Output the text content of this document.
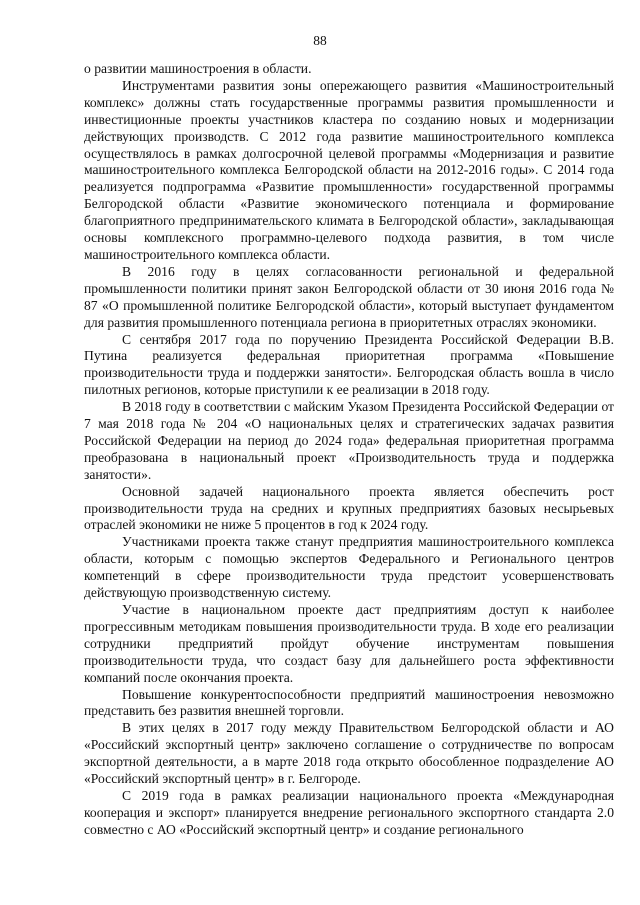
88

о развитии машиностроения в области.

Инструментами развития зоны опережающего развития «Машиностроительный комплекс» должны стать государственные программы развития промышленности и инвестиционные проекты участников кластера по созданию новых и модернизации действующих производств. С 2012 года развитие машиностроительного комплекса осуществлялось в рамках долгосрочной целевой программы «Модернизация и развитие машиностроительного комплекса Белгородской области на 2012-2016 годы». С 2014 года реализуется подпрограмма «Развитие промышленности» государственной программы Белгородской области «Развитие экономического потенциала и формирование благоприятного предпринимательского климата в Белгородской области», закладывающая основы комплексного программно-целевого подхода развития, в том числе машиностроительного комплекса области.

В 2016 году в целях согласованности региональной и федеральной промышленности политики принят закон Белгородской области от 30 июня 2016 года № 87 «О промышленной политике Белгородской области», который выступает фундаментом для развития промышленного потенциала региона в приоритетных отраслях экономики.

С сентября 2017 года по поручению Президента Российской Федерации В.В. Путина реализуется федеральная приоритетная программа «Повышение производительности труда и поддержки занятости». Белгородская область вошла в число пилотных регионов, которые приступили к ее реализации в 2018 году.

В 2018 году в соответствии с майским Указом Президента Российской Федерации от 7 мая 2018 года № 204 «О национальных целях и стратегических задачах развития Российской Федерации на период до 2024 года» федеральная приоритетная программа преобразована в национальный проект «Производительность труда и поддержка занятости».

Основной задачей национального проекта является обеспечить рост производительности труда на средних и крупных предприятиях базовых несырьевых отраслей экономики не ниже 5 процентов в год к 2024 году.

Участниками проекта также станут предприятия машиностроительного комплекса области, которым с помощью экспертов Федерального и Регионального центров компетенций в сфере производительности труда предстоит усовершенствовать действующую производственную систему.

Участие в национальном проекте даст предприятиям доступ к наиболее прогрессивным методикам повышения производительности труда. В ходе его реализации сотрудники предприятий пройдут обучение инструментам повышения производительности труда, что создаст базу для дальнейшего роста эффективности компаний после окончания проекта.

Повышение конкурентоспособности предприятий машиностроения невозможно представить без развития внешней торговли.

В этих целях в 2017 году между Правительством Белгородской области и АО «Российский экспортный центр» заключено соглашение о сотрудничестве по вопросам экспортной деятельности, а в марте 2018 года открыто обособленное подразделение АО «Российский экспортный центр» в г. Белгороде.

С 2019 года в рамках реализации национального проекта «Международная кооперация и экспорт» планируется внедрение регионального экспортного стандарта 2.0 совместно с АО «Российский экспортный центр» и создание регионального
